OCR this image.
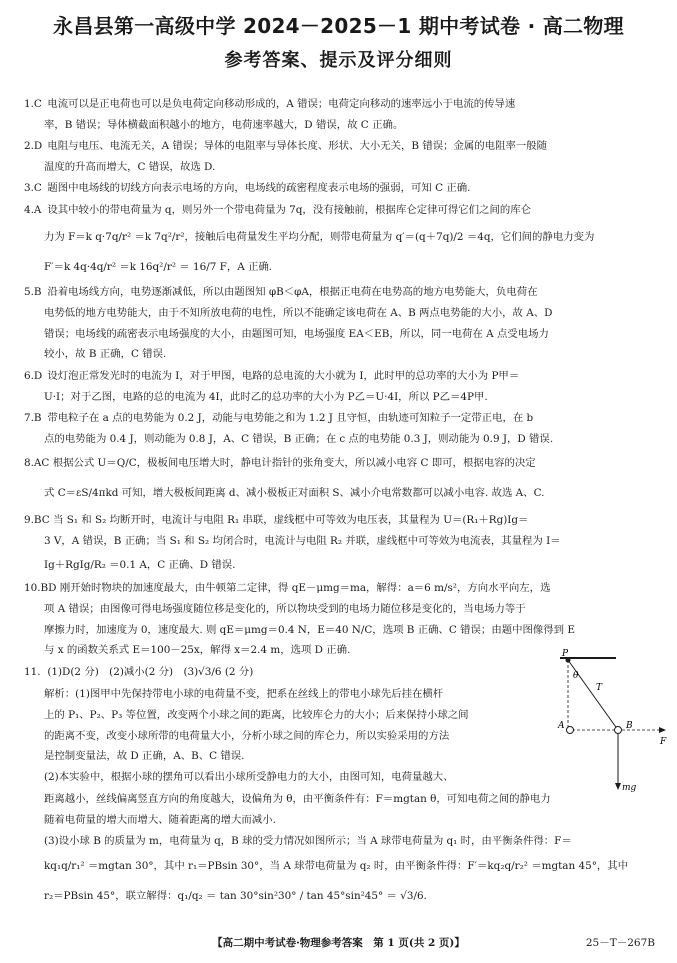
永昌县第一高级中学 2024－2025－1 期中考试卷 · 高二物理
参考答案、提示及评分细则

1.C 电流可以是正电荷也可以是负电荷定向移动形成的，A 错误；电荷定向移动的速率远小于电流的传导速

率，B 错误；导体横截面积越小的地方，电荷速率越大，D 错误，故 C 正确。

2.D 电阻与电压、电流无关，A 错误；导体的电阻率与导体长度、形状、大小无关，B 错误；金属的电阻率一般随

温度的升高而增大，C 错误，故选 D.

3.C 题图中电场线的切线方向表示电场的方向，电场线的疏密程度表示电场的强弱，可知 C 正确.

4.A 设其中较小的带电荷量为 q，则另外一个带电荷量为 7q，没有接触前，根据库仑定律可得它们之间的库仑

力为 F＝k q·7q/r² ＝k 7q²/r²，接触后电荷量发生平均分配，则带电荷量为 q′＝(q＋7q)/2 ＝4q，它们间的静电力变为

F′＝k 4q·4q/r² ＝k 16q²/r² ＝ 16/7 F，A 正确.

5.B 沿着电场线方向，电势逐渐减低，所以由题图知 φB＜φA，根据正电荷在电势高的地方电势能大，负电荷在

电势低的地方电势能大，由于不知所放电荷的电性，所以不能确定该电荷在 A、B 两点电势能的大小，故 A、D

错误；电场线的疏密表示电场强度的大小，由题图可知，电场强度 EA＜EB，所以，同一电荷在 A 点受电场力

较小，故 B 正确，C 错误.

6.D 设灯泡正常发光时的电流为 I，对于甲图，电路的总电流的大小就为 I，此时甲的总功率的大小为 P甲＝

U·I；对于乙图，电路的总的电流为 4I，此时乙的总功率的大小为 P乙＝U·4I，所以 P乙＝4P甲.

7.B 带电粒子在 a 点的电势能为 0.2 J，动能与电势能之和为 1.2 J 且守恒，由轨迹可知粒子一定带正电，在 b

点的电势能为 0.4 J，则动能为 0.8 J，A、C 错误，B 正确；在 c 点的电势能 0.3 J，则动能为 0.9 J，D 错误.

8.AC 根据公式 U＝Q/C，极板间电压增大时，静电计指针的张角变大，所以减小电容 C 即可，根据电容的决定

式 C＝εS/4πkd 可知，增大极板间距离 d、减小极板正对面积 S、减小介电常数都可以减小电容. 故选 A、C.

9.BC 当 S₁ 和 S₂ 均断开时，电流计与电阻 R₁ 串联，虚线框中可等效为电压表，其量程为 U＝(R₁＋Rg)Ig＝

3 V，A 错误，B 正确；当 S₁ 和 S₂ 均闭合时，电流计与电阻 R₂ 并联，虚线框中可等效为电流表，其量程为 I＝

Ig＋RgIg/R₂ ＝0.1 A，C 正确、D 错误.

10.BD 刚开始时物块的加速度最大，由牛顿第二定律，得 qE－μmg＝ma，解得：a＝6 m/s²，方向水平向左，选

项 A 错误；由图像可得电场强度随位移是变化的，所以物块受到的电场力随位移是变化的，当电场力等于

摩擦力时，加速度为 0，速度最大. 则 qE＝μmg＝0.4 N，E＝40 N/C，选项 B 正确、C 错误；由题中图像得到 E

与 x 的函数关系式 E＝100－25x，解得 x＝2.4 m，选项 D 正确.

11. (1)D(2 分)　(2)减小(2 分)　(3)√3/6 (2 分)

解析：(1)图甲中先保持带电小球的电荷量不变，把系在丝线上的带电小球先后挂在横杆

上的 P₁、P₂、P₃ 等位置，改变两个小球之间的距离，比较库仑力的大小；后来保持小球之间

的距离不变，改变小球所带的电荷量大小，分析小球之间的库仑力，所以实验采用的方法

是控制变量法，故 D 正确，A、B、C 错误.

(2)本实验中，根据小球的摆角可以看出小球所受静电力的大小，由图可知，电荷量越大、

距离越小，丝线偏离竖直方向的角度越大，设偏角为 θ，由平衡条件有：F＝mgtan θ，可知电荷之间的静电力

随着电荷量的增大而增大、随着距离的增大而减小.

(3)设小球 B 的质量为 m，电荷量为 q，B 球的受力情况如图所示；当 A 球带电荷量为 q₁ 时，由平衡条件得：F＝

kq₁q/r₁² ＝mgtan 30°，其中 r₁＝PBsin 30°，当 A 球带电荷量为 q₂ 时，由平衡条件得：F′＝kq₂q/r₂² ＝mgtan 45°，其中

r₂＝PBsin 45°，联立解得：q₁/q₂ ＝ tan 30°sin²30° / tan 45°sin²45° ＝ √3/6.

P
θ
T
A	B
F
mg
【高二期中考试卷·物理参考答案　第 1 页(共 2 页)】	25－T－267B
